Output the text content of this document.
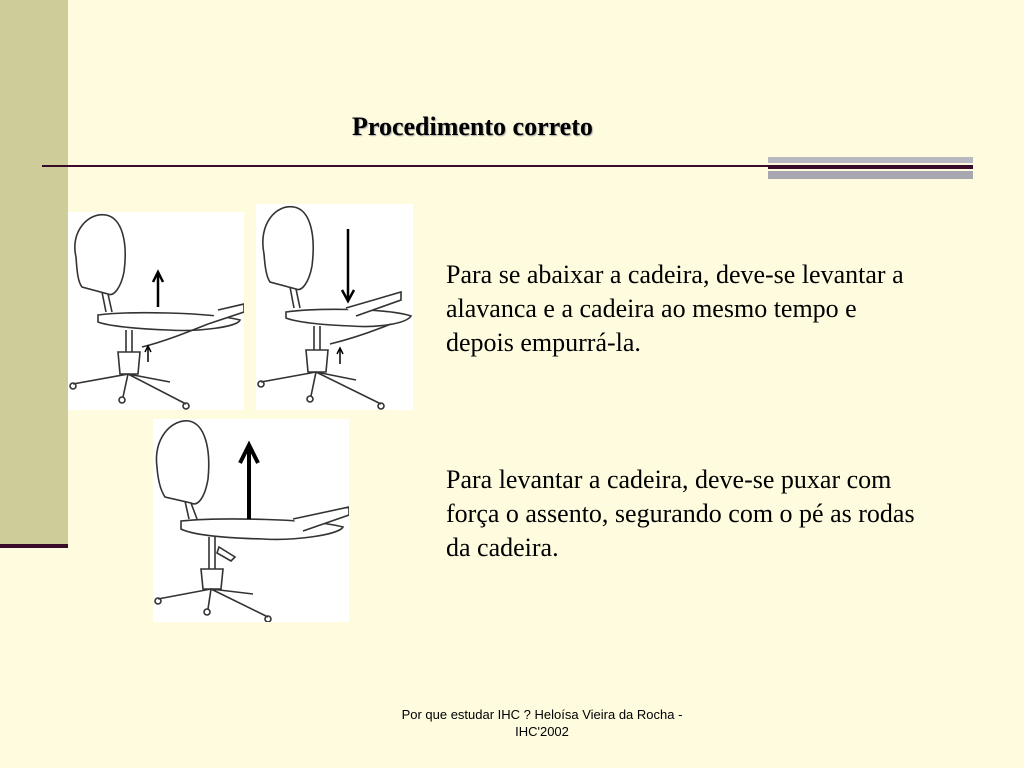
Procedimento correto
Para se abaixar a cadeira, deve-se levantar a alavanca e a cadeira ao mesmo tempo e depois empurrá-la.
Para levantar a cadeira, deve-se puxar com força o assento, segurando com o pé as rodas da cadeira.
Por que estudar IHC ? Heloísa Vieira da Rocha - IHC'2002
